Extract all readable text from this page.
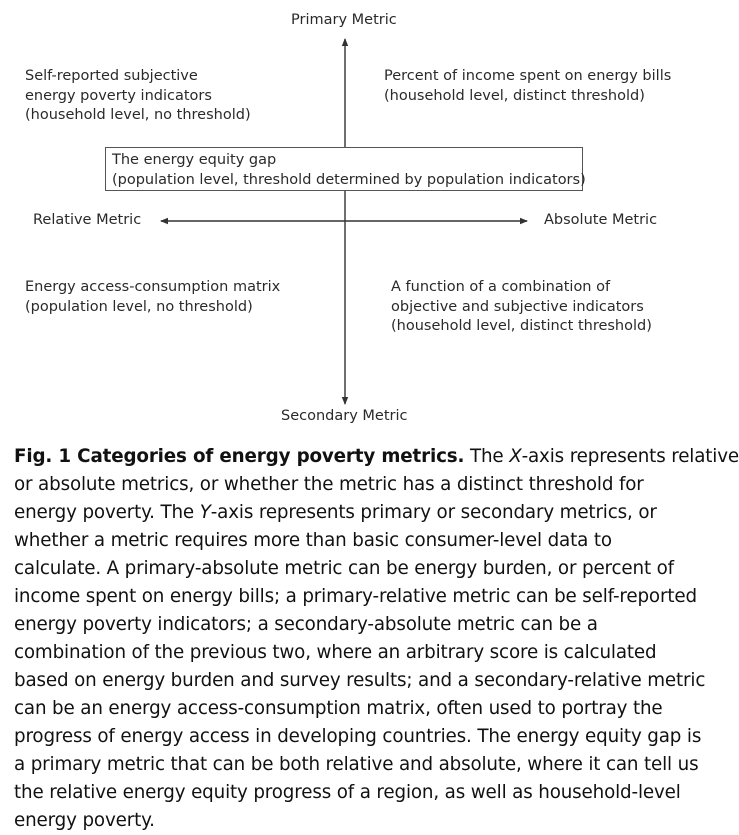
Primary Metric
Secondary Metric
Relative Metric	Absolute Metric
Self-reported subjective
energy poverty indicators
(household level, no threshold)
Percent of income spent on energy bills
(household level, distinct threshold)
The energy equity gap
(population level, threshold determined by population indicators)
Energy access-consumption matrix
(population level, no threshold)
A function of a combination of
objective and subjective indicators
(household level, distinct threshold)
Fig. 1 Categories of energy poverty metrics. The X-axis represents relative
or absolute metrics, or whether the metric has a distinct threshold for
energy poverty. The Y-axis represents primary or secondary metrics, or
whether a metric requires more than basic consumer-level data to
calculate. A primary-absolute metric can be energy burden, or percent of
income spent on energy bills; a primary-relative metric can be self-reported
energy poverty indicators; a secondary-absolute metric can be a
combination of the previous two, where an arbitrary score is calculated
based on energy burden and survey results; and a secondary-relative metric
can be an energy access-consumption matrix, often used to portray the
progress of energy access in developing countries. The energy equity gap is
a primary metric that can be both relative and absolute, where it can tell us
the relative energy equity progress of a region, as well as household-level
energy poverty.
